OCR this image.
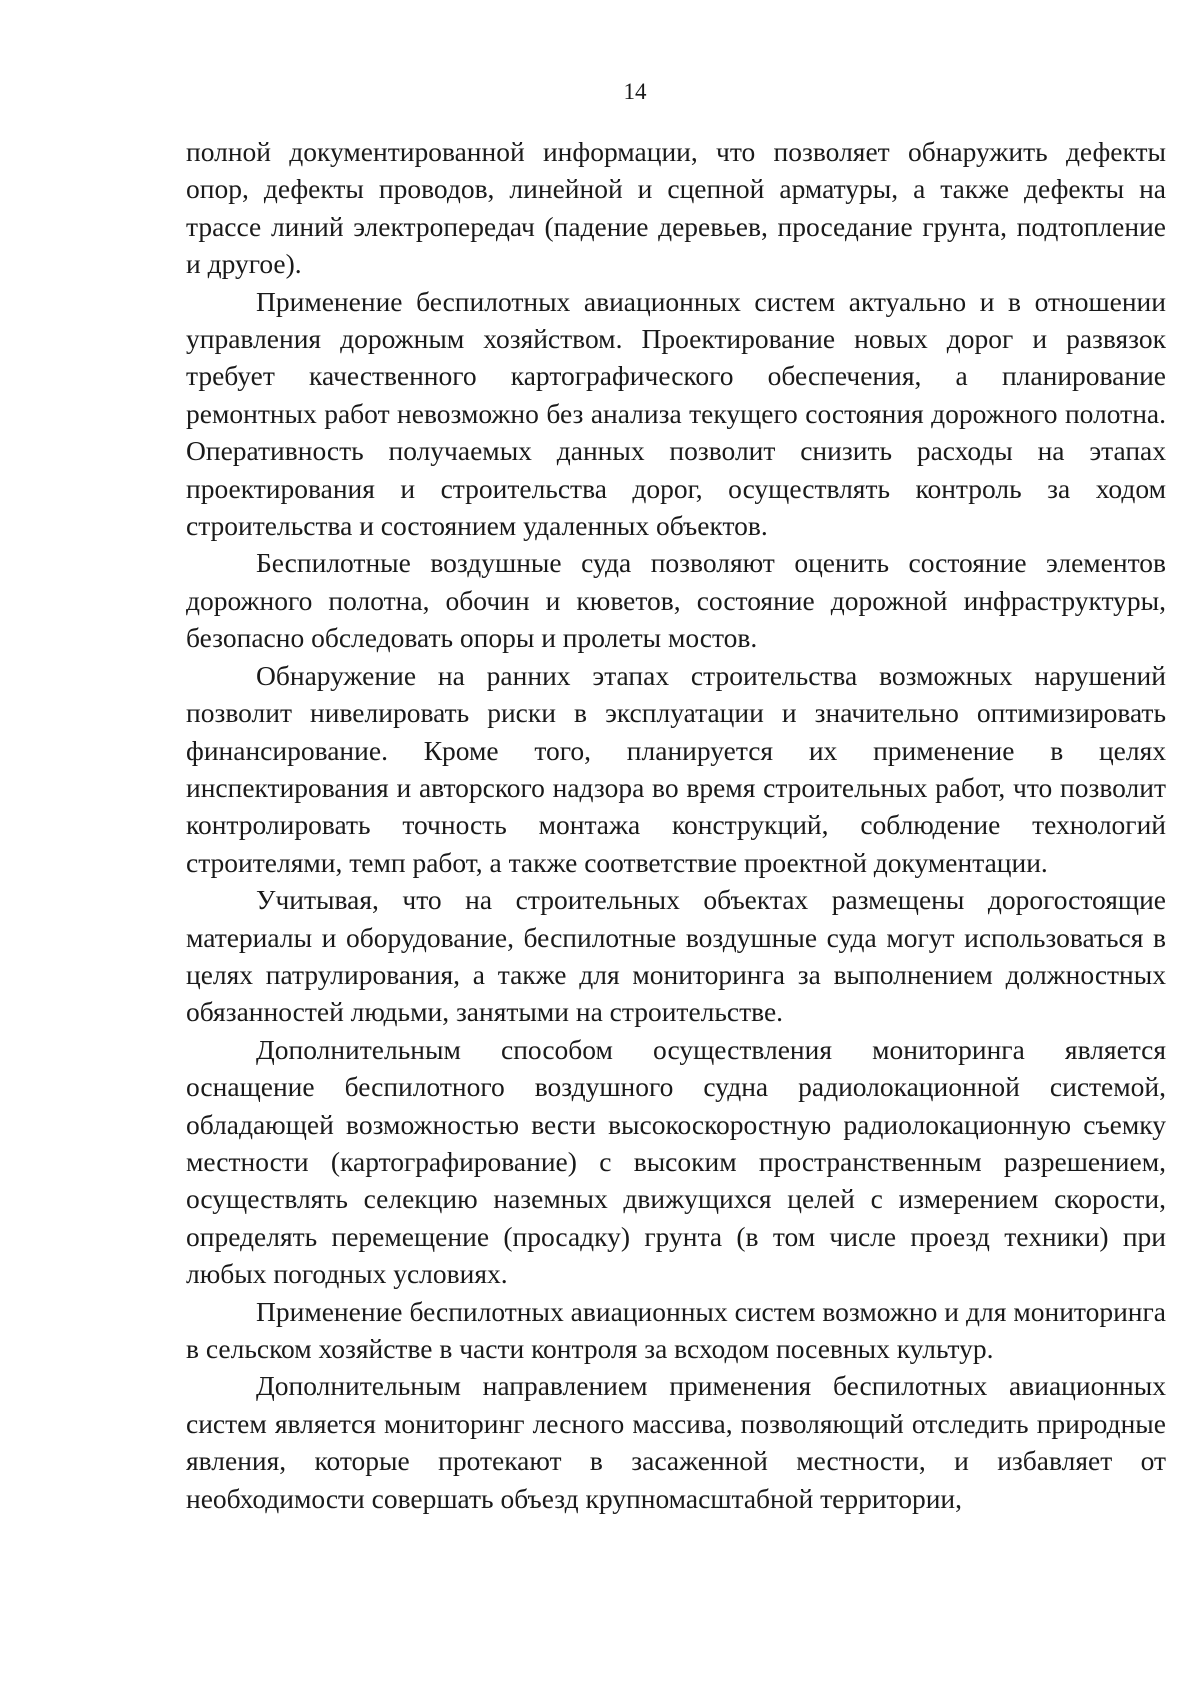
14

полной документированной информации, что позволяет обнаружить дефекты опор, дефекты проводов, линейной и сцепной арматуры, а также дефекты на трассе линий электропередач (падение деревьев, проседание грунта, подтопление и другое).

Применение беспилотных авиационных систем актуально и в отношении управления дорожным хозяйством. Проектирование новых дорог и развязок требует качественного картографического обеспечения, а планирование ремонтных работ невозможно без анализа текущего состояния дорожного полотна. Оперативность получаемых данных позволит снизить расходы на этапах проектирования и строительства дорог, осуществлять контроль за ходом строительства и состоянием удаленных объектов.

Беспилотные воздушные суда позволяют оценить состояние элементов дорожного полотна, обочин и кюветов, состояние дорожной инфраструктуры, безопасно обследовать опоры и пролеты мостов.

Обнаружение на ранних этапах строительства возможных нарушений позволит нивелировать риски в эксплуатации и значительно оптимизировать финансирование. Кроме того, планируется их применение в целях инспектирования и авторского надзора во время строительных работ, что позволит контролировать точность монтажа конструкций, соблюдение технологий строителями, темп работ, а также соответствие проектной документации.

Учитывая, что на строительных объектах размещены дорогостоящие материалы и оборудование, беспилотные воздушные суда могут использоваться в целях патрулирования, а также для мониторинга за выполнением должностных обязанностей людьми, занятыми на строительстве.

Дополнительным способом осуществления мониторинга является оснащение беспилотного воздушного судна радиолокационной системой, обладающей возможностью вести высокоскоростную радиолокационную съемку местности (картографирование) с высоким пространственным разрешением, осуществлять селекцию наземных движущихся целей с измерением скорости, определять перемещение (просадку) грунта (в том числе проезд техники) при любых погодных условиях.

Применение беспилотных авиационных систем возможно и для мониторинга в сельском хозяйстве в части контроля за всходом посевных культур.

Дополнительным направлением применения беспилотных авиационных систем является мониторинг лесного массива, позволяющий отследить природные явления, которые протекают в засаженной местности, и избавляет от необходимости совершать объезд крупномасштабной территории,
